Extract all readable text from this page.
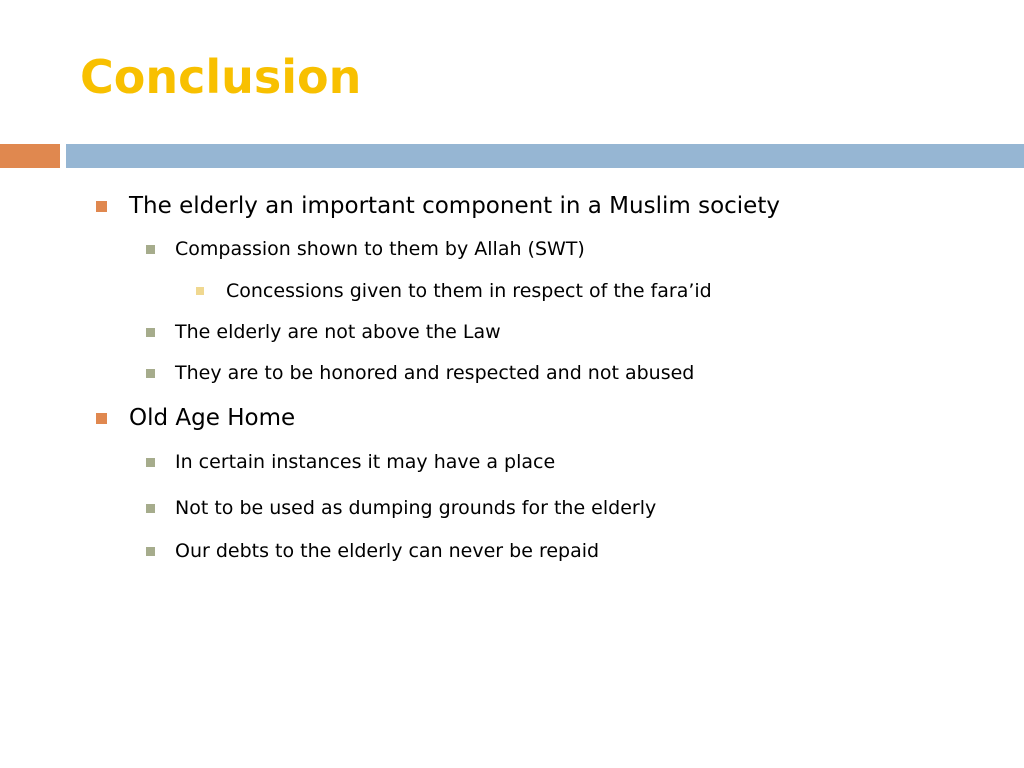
Conclusion
The elderly an important component in a Muslim society
Compassion shown to them by Allah (SWT)
Concessions given to them in respect of the fara’id
The elderly are not above the Law
They are to be honored and respected and not abused
Old Age Home
In certain instances it may have a place
Not to be used as dumping grounds for the elderly
Our debts to the elderly can never be repaid
